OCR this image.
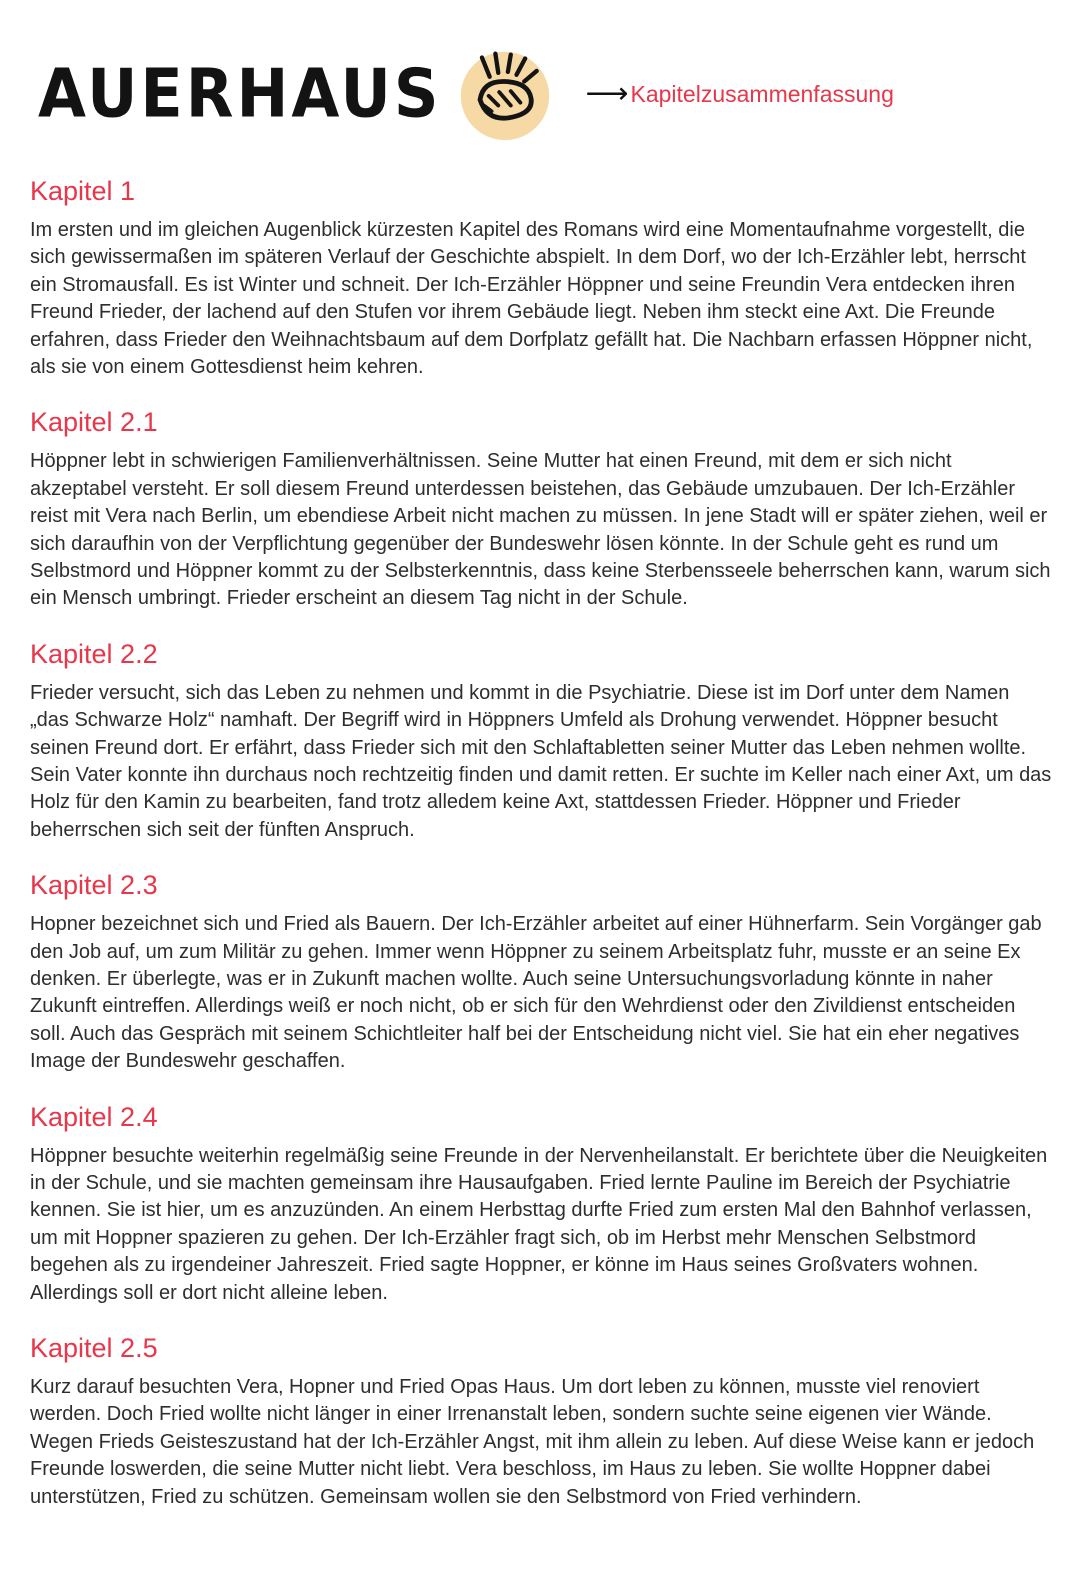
AUERHAUS	⟶ Kapitelzusammenfassung
Kapitel 1

Im ersten und im gleichen Augenblick kürzesten Kapitel des Romans wird eine Momentaufnahme vorgestellt, die sich gewissermaßen im späteren Verlauf der Geschichte abspielt. In dem Dorf, wo der Ich-Erzähler lebt, herrscht ein Stromausfall. Es ist Winter und schneit. Der Ich-Erzähler Höppner und seine Freundin Vera entdecken ihren Freund Frieder, der lachend auf den Stufen vor ihrem Gebäude liegt. Neben ihm steckt eine Axt. Die Freunde erfahren, dass Frieder den Weihnachtsbaum auf dem Dorfplatz gefällt hat. Die Nachbarn erfassen Höppner nicht, als sie von einem Gottesdienst heim kehren.

Kapitel 2.1

Höppner lebt in schwierigen Familienverhältnissen. Seine Mutter hat einen Freund, mit dem er sich nicht akzeptabel versteht. Er soll diesem Freund unterdessen beistehen, das Gebäude umzubauen. Der Ich-Erzähler reist mit Vera nach Berlin, um ebendiese Arbeit nicht machen zu müssen. In jene Stadt will er später ziehen, weil er sich daraufhin von der Verpflichtung gegenüber der Bundeswehr lösen könnte. In der Schule geht es rund um Selbstmord und Höppner kommt zu der Selbsterkenntnis, dass keine Sterbensseele beherrschen kann, warum sich ein Mensch umbringt. Frieder erscheint an diesem Tag nicht in der Schule.

Kapitel 2.2

Frieder versucht, sich das Leben zu nehmen und kommt in die Psychiatrie. Diese ist im Dorf unter dem Namen „das Schwarze Holz“ namhaft. Der Begriff wird in Höppners Umfeld als Drohung verwendet. Höppner besucht seinen Freund dort. Er erfährt, dass Frieder sich mit den Schlaftabletten seiner Mutter das Leben nehmen wollte. Sein Vater konnte ihn durchaus noch rechtzeitig finden und damit retten. Er suchte im Keller nach einer Axt, um das Holz für den Kamin zu bearbeiten, fand trotz alledem keine Axt, stattdessen Frieder. Höppner und Frieder beherrschen sich seit der fünften Anspruch.

Kapitel 2.3

Hopner bezeichnet sich und Fried als Bauern. Der Ich-Erzähler arbeitet auf einer Hühnerfarm. Sein Vorgänger gab den Job auf, um zum Militär zu gehen. Immer wenn Höppner zu seinem Arbeitsplatz fuhr, musste er an seine Ex denken. Er überlegte, was er in Zukunft machen wollte. Auch seine Untersuchungsvorladung könnte in naher Zukunft eintreffen. Allerdings weiß er noch nicht, ob er sich für den Wehrdienst oder den Zivildienst entscheiden soll. Auch das Gespräch mit seinem Schichtleiter half bei der Entscheidung nicht viel. Sie hat ein eher negatives Image der Bundeswehr geschaffen.

Kapitel 2.4

Höppner besuchte weiterhin regelmäßig seine Freunde in der Nervenheilanstalt. Er berichtete über die Neuigkeiten in der Schule, und sie machten gemeinsam ihre Hausaufgaben. Fried lernte Pauline im Bereich der Psychiatrie kennen. Sie ist hier, um es anzuzünden. An einem Herbsttag durfte Fried zum ersten Mal den Bahnhof verlassen, um mit Hoppner spazieren zu gehen. Der Ich-Erzähler fragt sich, ob im Herbst mehr Menschen Selbstmord begehen als zu irgendeiner Jahreszeit. Fried sagte Hoppner, er könne im Haus seines Großvaters wohnen. Allerdings soll er dort nicht alleine leben.

Kapitel 2.5

Kurz darauf besuchten Vera, Hopner und Fried Opas Haus. Um dort leben zu können, musste viel renoviert werden. Doch Fried wollte nicht länger in einer Irrenanstalt leben, sondern suchte seine eigenen vier Wände. Wegen Frieds Geisteszustand hat der Ich-Erzähler Angst, mit ihm allein zu leben. Auf diese Weise kann er jedoch Freunde loswerden, die seine Mutter nicht liebt. Vera beschloss, im Haus zu leben. Sie wollte Hoppner dabei unterstützen, Fried zu schützen. Gemeinsam wollen sie den Selbstmord von Fried verhindern.
